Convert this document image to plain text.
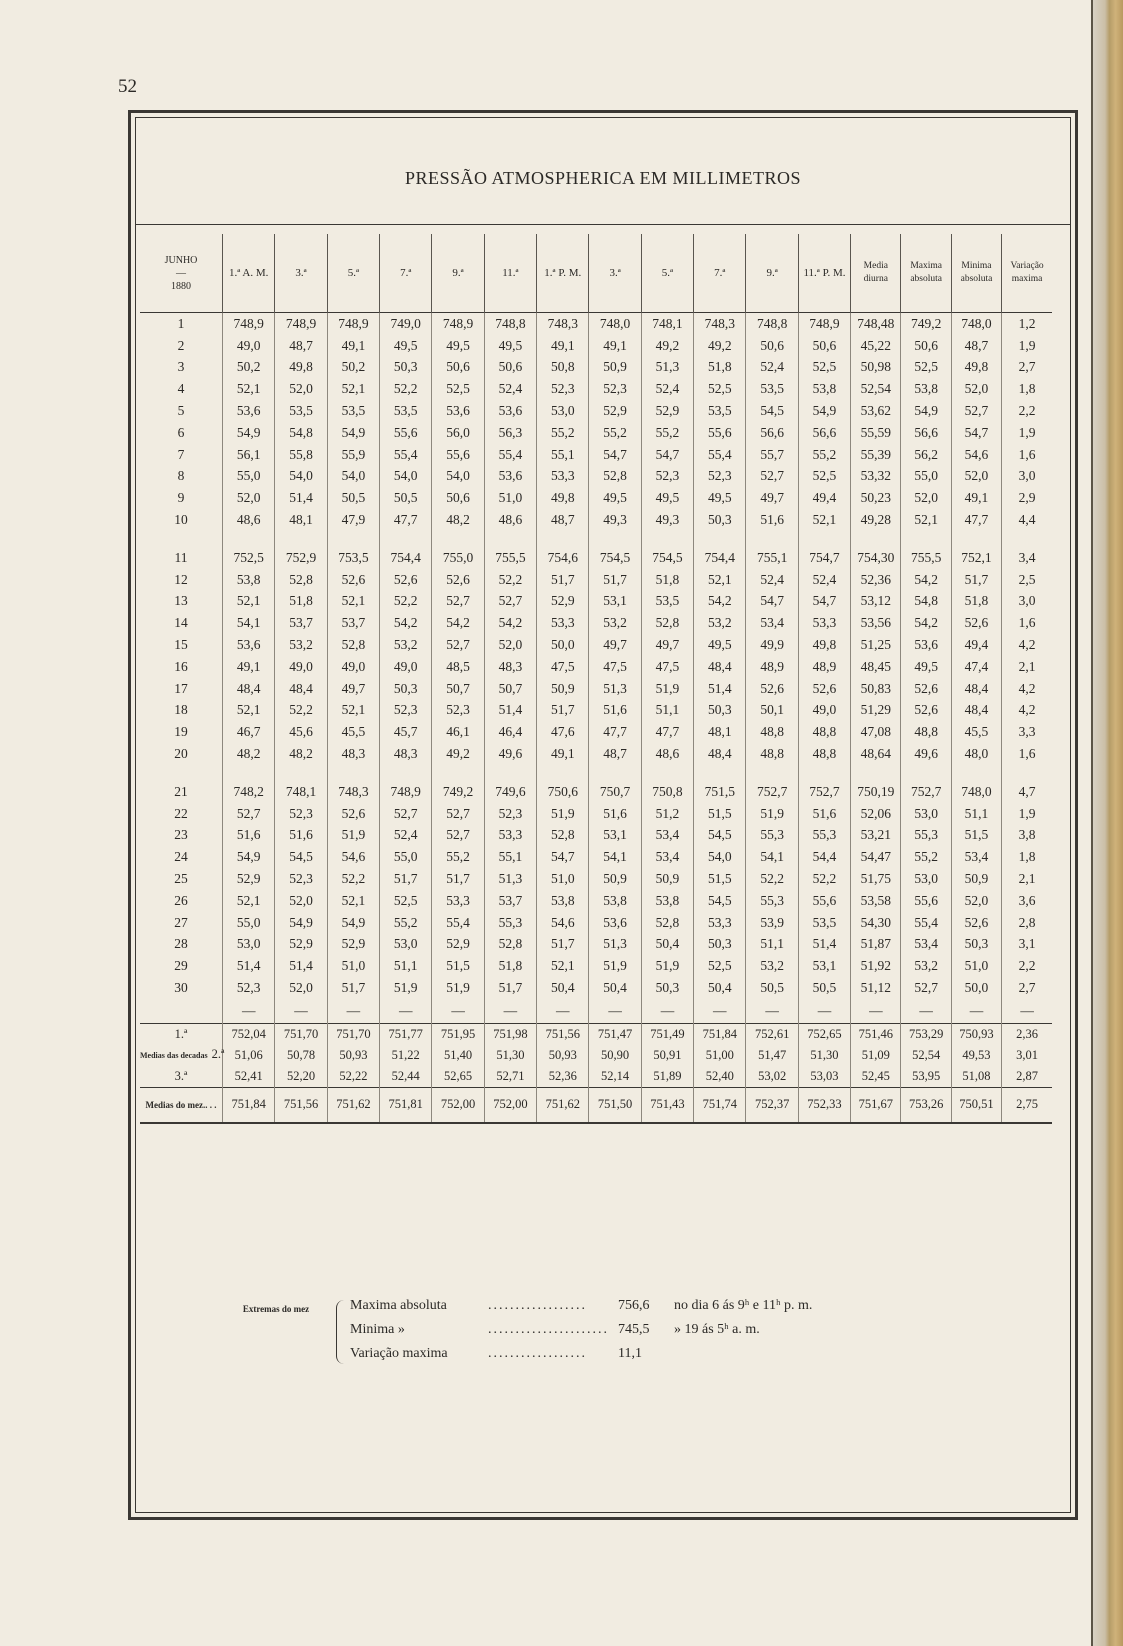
52
PRESSÃO ATMOSPHERICA EM MILLIMETROS
JUNHO
—
1880	1.ª A. M.	3.ª	5.ª	7.ª	9.ª	11.ª	1.ª P. M.	3.ª	5.ª	7.ª	9.ª	11.ª P. M.	Media diurna	Maxima absoluta	Minima absoluta	Variação maxima
1	748,9	748,9	748,9	749,0	748,9	748,8	748,3	748,0	748,1	748,3	748,8	748,9	748,48	749,2	748,0	1,2
2	49,0	48,7	49,1	49,5	49,5	49,5	49,1	49,1	49,2	49,2	50,6	50,6	45,22	50,6	48,7	1,9
3	50,2	49,8	50,2	50,3	50,6	50,6	50,8	50,9	51,3	51,8	52,4	52,5	50,98	52,5	49,8	2,7
4	52,1	52,0	52,1	52,2	52,5	52,4	52,3	52,3	52,4	52,5	53,5	53,8	52,54	53,8	52,0	1,8
5	53,6	53,5	53,5	53,5	53,6	53,6	53,0	52,9	52,9	53,5	54,5	54,9	53,62	54,9	52,7	2,2
6	54,9	54,8	54,9	55,6	56,0	56,3	55,2	55,2	55,2	55,6	56,6	56,6	55,59	56,6	54,7	1,9
7	56,1	55,8	55,9	55,4	55,6	55,4	55,1	54,7	54,7	55,4	55,7	55,2	55,39	56,2	54,6	1,6
8	55,0	54,0	54,0	54,0	54,0	53,6	53,3	52,8	52,3	52,3	52,7	52,5	53,32	55,0	52,0	3,0
9	52,0	51,4	50,5	50,5	50,6	51,0	49,8	49,5	49,5	49,5	49,7	49,4	50,23	52,0	49,1	2,9
10	48,6	48,1	47,9	47,7	48,2	48,6	48,7	49,3	49,3	50,3	51,6	52,1	49,28	52,1	47,7	4,4

11	752,5	752,9	753,5	754,4	755,0	755,5	754,6	754,5	754,5	754,4	755,1	754,7	754,30	755,5	752,1	3,4
12	53,8	52,8	52,6	52,6	52,6	52,2	51,7	51,7	51,8	52,1	52,4	52,4	52,36	54,2	51,7	2,5
13	52,1	51,8	52,1	52,2	52,7	52,7	52,9	53,1	53,5	54,2	54,7	54,7	53,12	54,8	51,8	3,0
14	54,1	53,7	53,7	54,2	54,2	54,2	53,3	53,2	52,8	53,2	53,4	53,3	53,56	54,2	52,6	1,6
15	53,6	53,2	52,8	53,2	52,7	52,0	50,0	49,7	49,7	49,5	49,9	49,8	51,25	53,6	49,4	4,2
16	49,1	49,0	49,0	49,0	48,5	48,3	47,5	47,5	47,5	48,4	48,9	48,9	48,45	49,5	47,4	2,1
17	48,4	48,4	49,7	50,3	50,7	50,7	50,9	51,3	51,9	51,4	52,6	52,6	50,83	52,6	48,4	4,2
18	52,1	52,2	52,1	52,3	52,3	51,4	51,7	51,6	51,1	50,3	50,1	49,0	51,29	52,6	48,4	4,2
19	46,7	45,6	45,5	45,7	46,1	46,4	47,6	47,7	47,7	48,1	48,8	48,8	47,08	48,8	45,5	3,3
20	48,2	48,2	48,3	48,3	49,2	49,6	49,1	48,7	48,6	48,4	48,8	48,8	48,64	49,6	48,0	1,6

21	748,2	748,1	748,3	748,9	749,2	749,6	750,6	750,7	750,8	751,5	752,7	752,7	750,19	752,7	748,0	4,7
22	52,7	52,3	52,6	52,7	52,7	52,3	51,9	51,6	51,2	51,5	51,9	51,6	52,06	53,0	51,1	1,9
23	51,6	51,6	51,9	52,4	52,7	53,3	52,8	53,1	53,4	54,5	55,3	55,3	53,21	55,3	51,5	3,8
24	54,9	54,5	54,6	55,0	55,2	55,1	54,7	54,1	53,4	54,0	54,1	54,4	54,47	55,2	53,4	1,8
25	52,9	52,3	52,2	51,7	51,7	51,3	51,0	50,9	50,9	51,5	52,2	52,2	51,75	53,0	50,9	2,1
26	52,1	52,0	52,1	52,5	53,3	53,7	53,8	53,8	53,8	54,5	55,3	55,6	53,58	55,6	52,0	3,6
27	55,0	54,9	54,9	55,2	55,4	55,3	54,6	53,6	52,8	53,3	53,9	53,5	54,30	55,4	52,6	2,8
28	53,0	52,9	52,9	53,0	52,9	52,8	51,7	51,3	50,4	50,3	51,1	51,4	51,87	53,4	50,3	3,1
29	51,4	51,4	51,0	51,1	51,5	51,8	52,1	51,9	51,9	52,5	53,2	53,1	51,92	53,2	51,0	2,2
30	52,3	52,0	51,7	51,9	51,9	51,7	50,4	50,4	50,3	50,4	50,5	50,5	51,12	52,7	50,0	2,7
	—	—	—	—	—	—	—	—	—	—	—	—	—	—	—	—
1.ª	752,04	751,70	751,70	751,77	751,95	751,98	751,56	751,47	751,49	751,84	752,61	752,65	751,46	753,29	750,93	2,36
Medias das decadas 2.ª	51,06	50,78	50,93	51,22	51,40	51,30	50,93	50,90	50,91	51,00	51,47	51,30	51,09	52,54	49,53	3,01
3.ª	52,41	52,20	52,22	52,44	52,65	52,71	52,36	52,14	51,89	52,40	53,02	53,03	52,45	53,95	51,08	2,87
Medias do mez.. . .	751,84	751,56	751,62	751,81	752,00	752,00	751,62	751,50	751,43	751,74	752,37	752,33	751,67	753,26	750,51	2,75
Extremas do mez	Maxima absoluta	.................. 756,6 no dia 6 ás 9ʰ e 11ʰ p. m.
Minima »	...................... 745,5 » 19 ás 5ʰ a. m.
Variação maxima	.................. 11,1
